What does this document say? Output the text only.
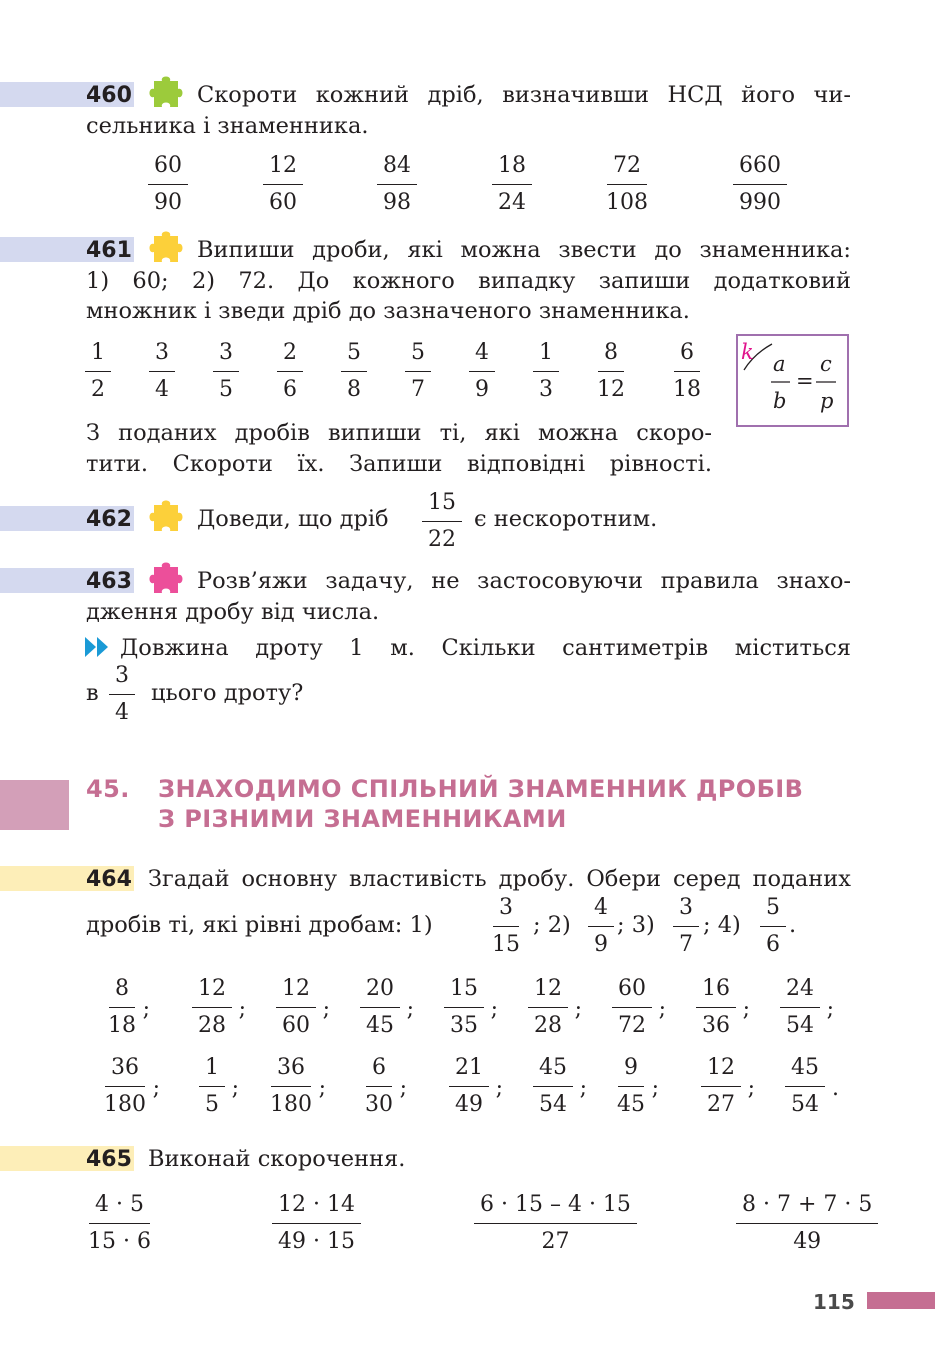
460	Скороти кожний дріб, визначивши НСД його чи-
сельника і знаменника.
$\frac{60}{90}$	$\frac{12}{60}$	$\frac{84}{98}$	$\frac{18}{24}$	$\frac{72}{108}$	$\frac{660}{990}$
461	Випиши дроби, які можна звести до знаменника:
1) 60; 2) 72. До кожного випадку запиши додатковий
множник і зведи дріб до зазначеного знаменника.
$\frac{1}{2} \frac{3}{4} \frac{3}{5} \frac{2}{6} \frac{5}{8} \frac{5}{7} \frac{4}{9} \frac{1}{3} \frac{8}{12} \frac{6}{18}$ k a
b
=
c
p
З поданих дробів випиши ті, які можна скоро-
тити. Скороти їх. Запиши відповідні рівності.
462	Доведи, що дріб $\frac{15}{22}$ є нескоротним.
463	Розв’яжи задачу, не застосовуючи правила знахо-
дження дробу від числа.
Довжина дроту 1 м. Скільки сантиметрів міститься
в $\frac{3}{4}$ цього дроту?
45. ЗНАХОДИМО СПІЛЬНИЙ ЗНАМЕННИК ДРОБІВ
З РІЗНИМИ ЗНАМЕННИКАМИ
464 Згадай основну властивість дробу. Обери серед поданих
дробів ті, які рівні дробам: 1)	$\frac{3}{15}$ ; $2) \frac{4}{9}$ ; $3) \frac{3}{7}$ ; $4) \frac{5}{6}$ .
8
18
;
12
28
;
12
60
;
20
45
;
15
35
;
12
28
;
60
72
;
16
36
;
24
54
;
36
180
;
1
5
;
36
180
;
6
30
;
21
49
;
45
54
;
9
45
;
12
27
;
45
54
.
465 Виконай скорочення.
$\frac{4 \cdot 5}{15 \cdot 6}$	$\frac{12 \cdot 14}{49 \cdot 15}$	$\frac{6 \cdot 15 - 4 \cdot 15}{27}$	$\frac{8 \cdot 7 + 7 \cdot 5}{49}$
115
